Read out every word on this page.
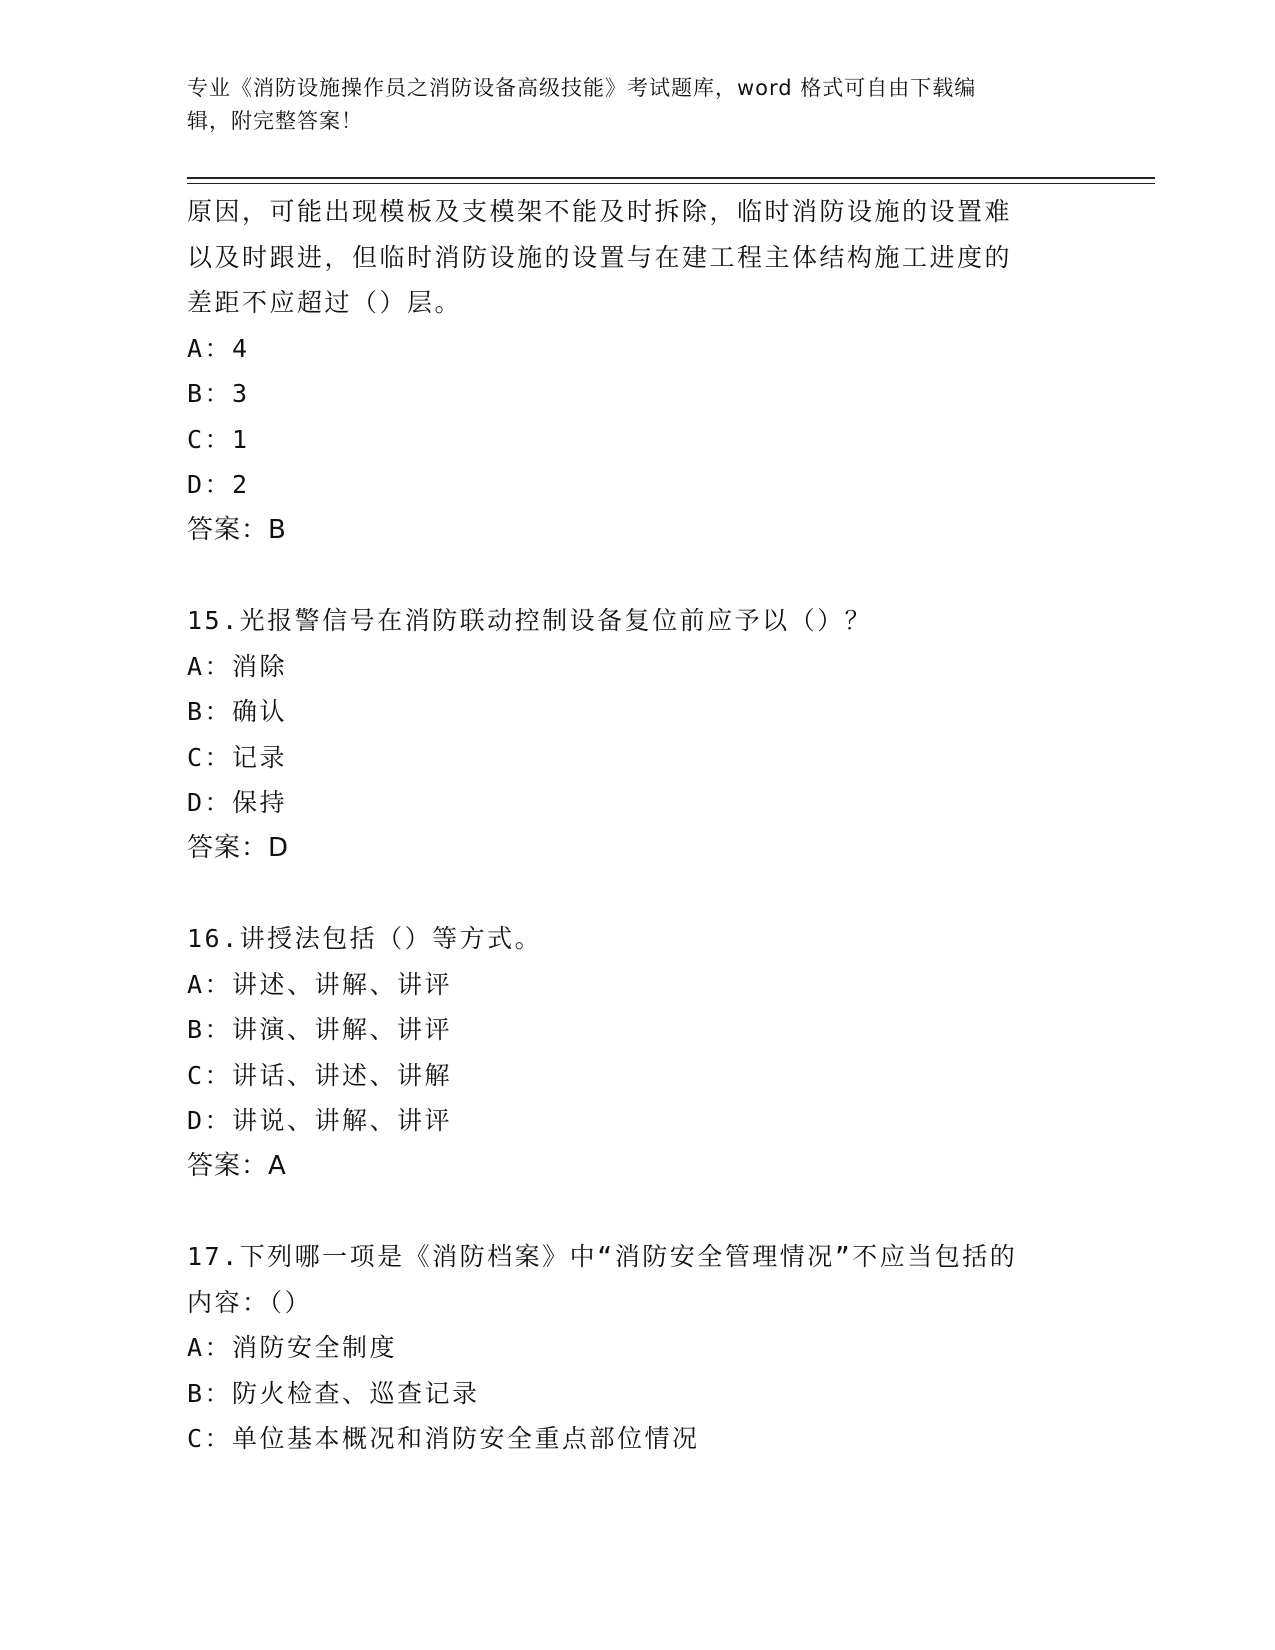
专业《消防设施操作员之消防设备高级技能》考试题库，word 格式可自由下载编
辑，附完整答案！
原因，可能出现模板及支模架不能及时拆除，临时消防设施的设置难
以及时跟进，但临时消防设施的设置与在建工程主体结构施工进度的
差距不应超过（）层。
A：4
B：3
C：1
D：2
答案：B
15.光报警信号在消防联动控制设备复位前应予以（）？
A：消除
B：确认
C：记录
D：保持
答案：D
16.讲授法包括（）等方式。
A：讲述、讲解、讲评
B：讲演、讲解、讲评
C：讲话、讲述、讲解
D：讲说、讲解、讲评
答案：A
17.下列哪一项是《消防档案》中“消防安全管理情况”不应当包括的
内容：（）
A：消防安全制度
B：防火检查、巡查记录
C：单位基本概况和消防安全重点部位情况
